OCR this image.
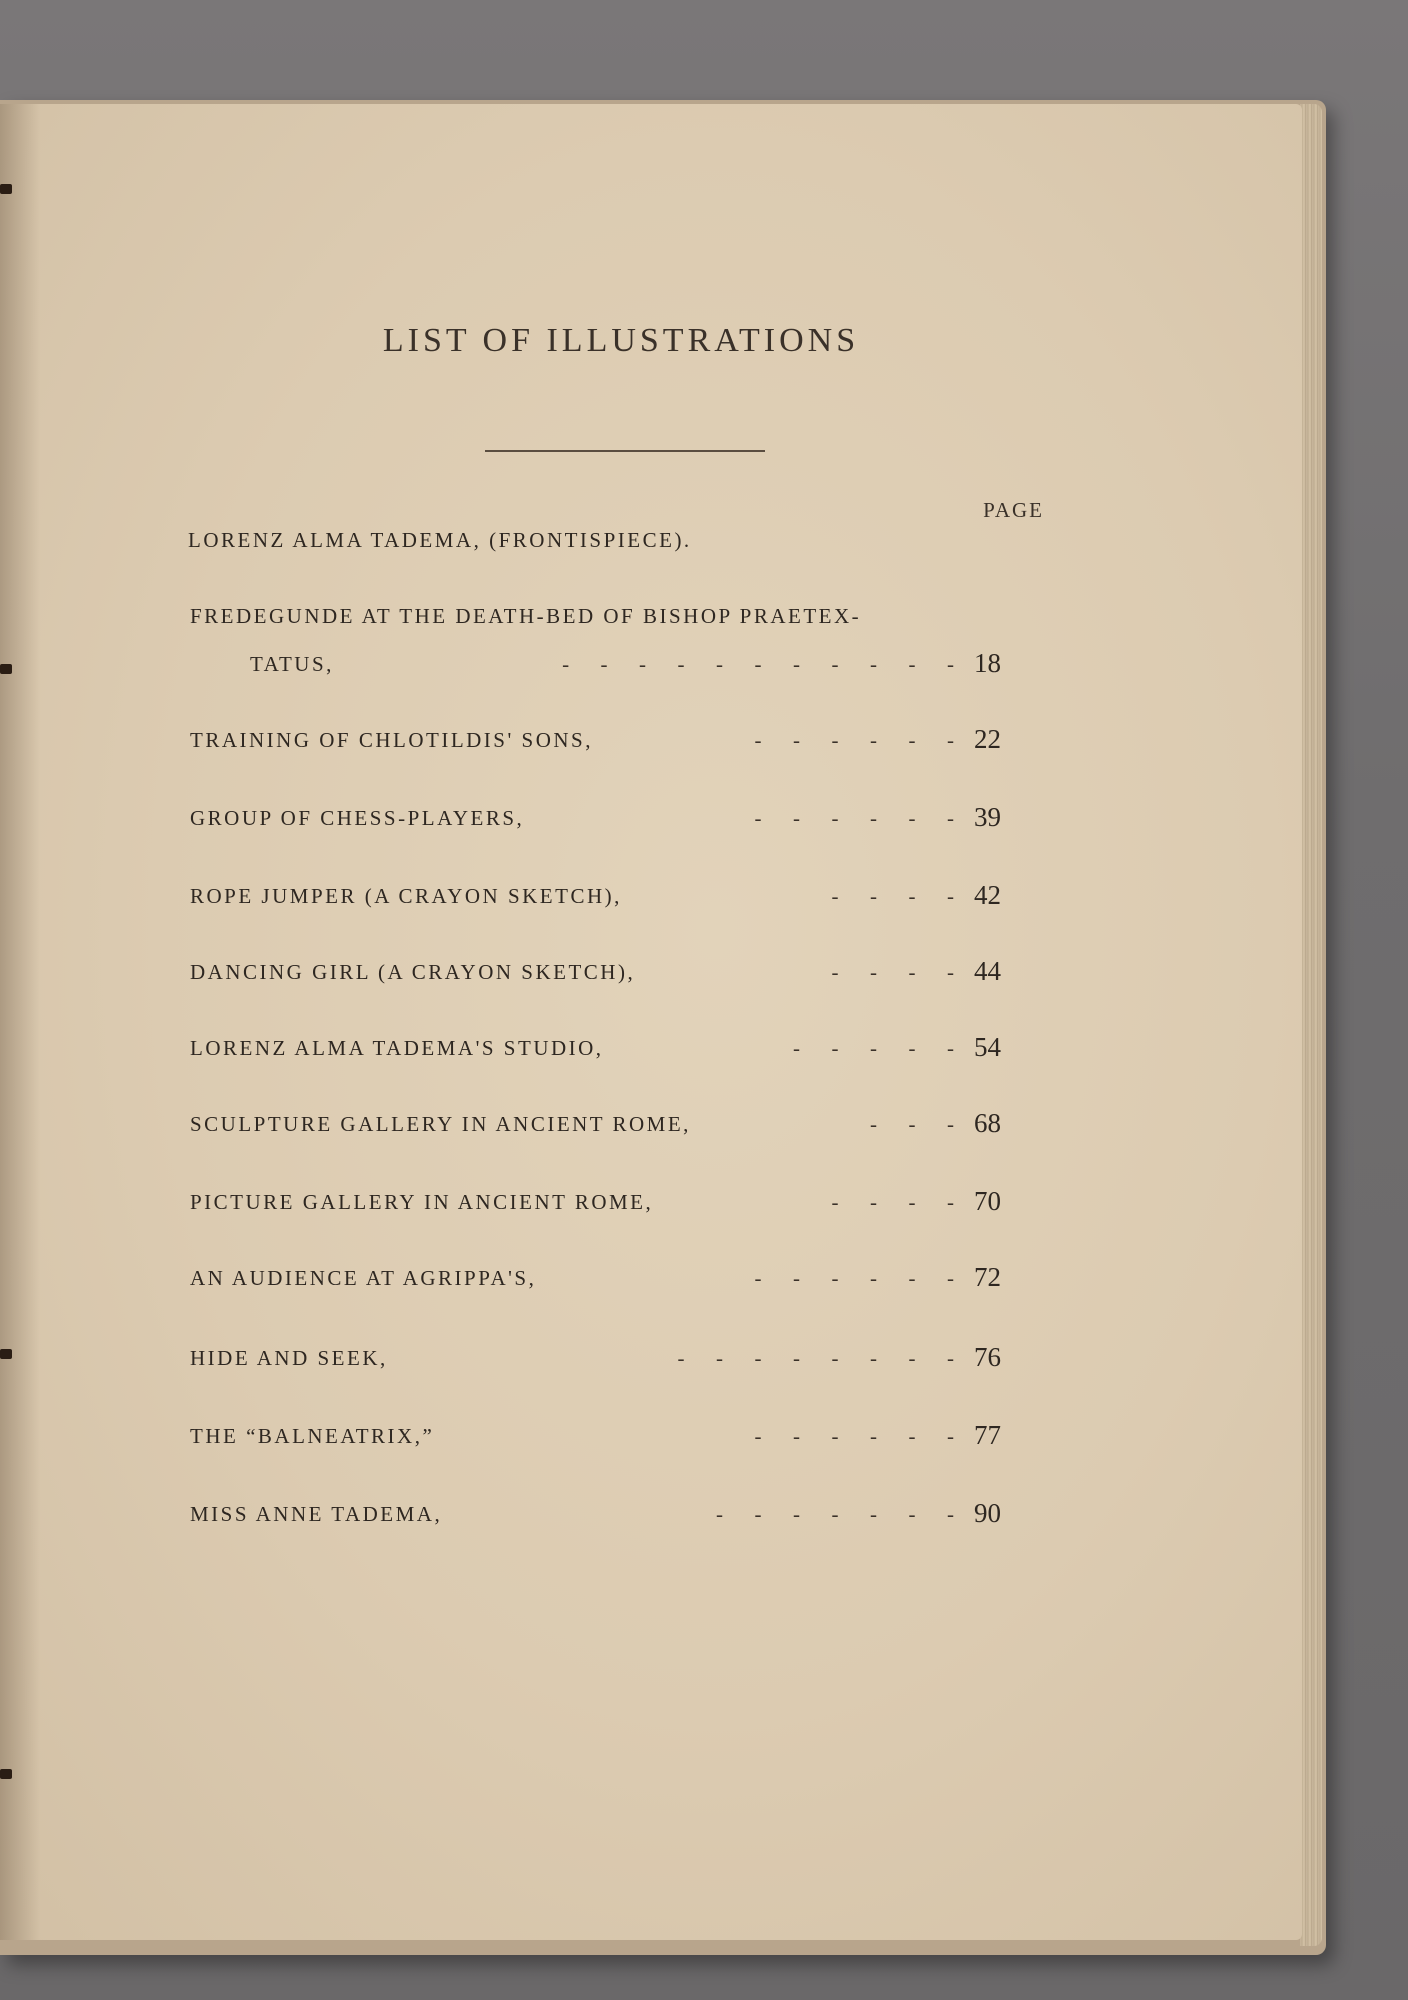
LIST OF ILLUSTRATIONS
PAGE
LORENZ ALMA TADEMA, (FRONTISPIECE).
FREDEGUNDE AT THE DEATH-BED OF BISHOP PRAETEX-
TATUS,	-      -      -      -      -      -      -      -      -      -      - 18
TRAINING OF CHLOTILDIS' SONS,	-      -      -      -      -      - 22
GROUP OF CHESS-PLAYERS,	-      -      -      -      -      - 39
ROPE JUMPER (A CRAYON SKETCH),	-      -      -      - 42
DANCING GIRL (A CRAYON SKETCH),	-      -      -      - 44
LORENZ ALMA TADEMA'S STUDIO,	-      -      -      -      - 54
SCULPTURE GALLERY IN ANCIENT ROME,	-      -      - 68
PICTURE GALLERY IN ANCIENT ROME,	-      -      -      - 70
AN AUDIENCE AT AGRIPPA'S,	-      -      -      -      -      - 72
HIDE AND SEEK,	-      -      -      -      -      -      -      - 76
THE “BALNEATRIX,”	-      -      -      -      -      - 77
MISS ANNE TADEMA,	-      -      -      -      -      -      - 90
